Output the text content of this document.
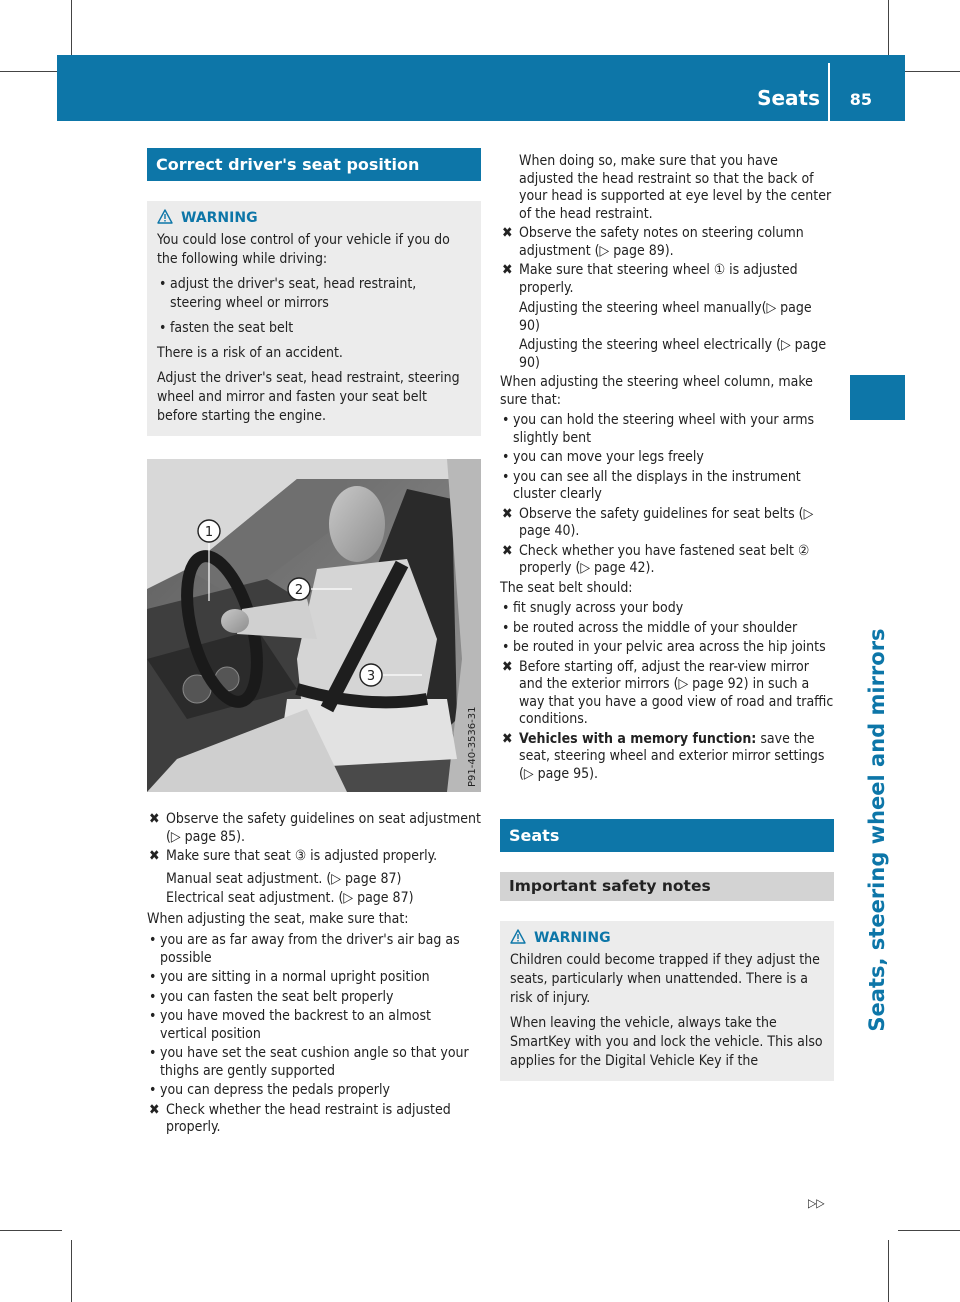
Seats 85
Seats, steering wheel and mirrors
Correct driver's seat position
WARNING

You could lose control of your vehicle if you do the following while driving:

• adjust the driver's seat, head restraint, steering wheel or mirrors
• fasten the seat belt

There is a risk of an accident.

Adjust the driver's seat, head restraint, steering wheel and mirror and fasten your seat belt before starting the engine.

1
2
3
P91-40-3536-31
✖ Observe the safety guidelines on seat adjustment (▷ page 85).
✖ Make sure that seat ③ is adjusted properly.

Manual seat adjustment. (▷ page 87)

Electrical seat adjustment. (▷ page 87)

When adjusting the seat, make sure that:

• you are as far away from the driver's air bag as possible
• you are sitting in a normal upright position
• you can fasten the seat belt properly
• you have moved the backrest to an almost vertical position
• you have set the seat cushion angle so that your thighs are gently supported
• you can depress the pedals properly
✖ Check whether the head restraint is adjusted properly.

When doing so, make sure that you have adjusted the head restraint so that the back of your head is supported at eye level by the center of the head restraint.

✖ Observe the safety notes on steering column adjustment (▷ page 89).
✖ Make sure that steering wheel ① is adjusted properly.

Adjusting the steering wheel manually(▷ page 90)

Adjusting the steering wheel electrically (▷ page 90)

When adjusting the steering wheel column, make sure that:

• you can hold the steering wheel with your arms slightly bent
• you can move your legs freely
• you can see all the displays in the instrument cluster clearly
✖ Observe the safety guidelines for seat belts (▷ page 40).
✖ Check whether you have fastened seat belt ② properly (▷ page 42).

The seat belt should:

• fit snugly across your body
• be routed across the middle of your shoulder
• be routed in your pelvic area across the hip joints
✖ Before starting off, adjust the rear-view mirror and the exterior mirrors (▷ page 92) in such a way that you have a good view of road and traffic conditions.
✖ Vehicles with a memory function: save the seat, steering wheel and exterior mirror settings (▷ page 95).
Seats
Important safety notes
WARNING

Children could become trapped if they adjust the seats, particularly when unattended. There is a risk of injury.

When leaving the vehicle, always take the SmartKey with you and lock the vehicle. This also applies for the Digital Vehicle Key if the

▷▷
